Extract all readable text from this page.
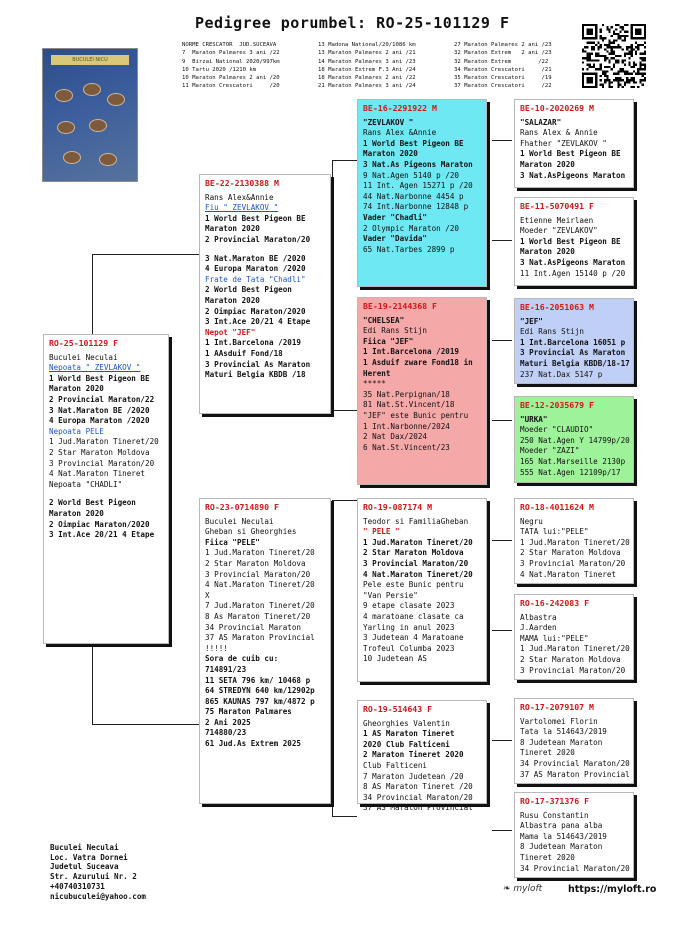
Pedigree porumbel: RO-25-101129 F
NORME CRESCATOR  JUD.SUCEAVA
7  Maraton Palmares 3 ani /22
9  Birzai National 2020/997km
10 Tartu 2020 /1210 km
10 Maraton Palmares 2 ani /20
11 Maraton Crescatori     /20
13 Madona National/20/1086 km
13 Maraton Palmares 2 ani /21
14 Maraton Palmares 3 ani /23
18 Maraton Extrem F.3 Ani /24
18 Maraton Palmares 2 ani /22
21 Maraton Palmares 3 ani /24
27 Maraton Palmares 2 ani /23
32 Maraton Extrem   2 ani /23
32 Maraton Extrem        /22
34 Maraton Crescatori     /21
35 Maraton Crescatori     /19
37 Maraton Crescatori     /22
BUCULEI NICU
RO-25-101129 F
Buculei Neculai
Nepoata " ZEVLAKOV "
1 World Best Pigeon BE
Maraton 2020
2 Provincial Maraton/22
3 Nat.Maraton BE /2020
4 Europa Maraton /2020
Nepoata PELE
1 Jud.Maraton Tineret/20
2 Star Maraton Moldova
3 Provincial Maraton/20
4 Nat.Maraton Tineret
Nepoata "CHADLI"
2 World Best Pigeon
Maraton 2020
2 Oimpiac Maraton/2020
3 Int.Ace 20/21 4 Etape
BE-22-2130388 M
Rans Alex&Annie
Fiu " ZEVLAKOV "
1 World Best Pigeon BE
Maraton 2020
2 Provincial Maraton/20
3 Nat.Maraton BE /2020
4 Europa Maraton /2020
Frate de Tata "Chadli"
2 World Best Pigeon
Maraton 2020
2 Oimpiac Maraton/2020
3 Int.Ace 20/21 4 Etape
Nepot "JEF"
1 Int.Barcelona /2019
1 AAsduif Fond/18
3 Provincial As Maraton
Maturi Belgia KBDB /18
RO-23-0714890 F
Buculei Neculai
Gheban si Gheorghies
Fiica "PELE"
1 Jud.Maraton Tineret/20
2 Star Maraton Moldova
3 Provincial Maraton/20
4 Nat.Maraton Tineret/20
X
7 Jud.Maraton Tineret/20
8 As Maraton Tineret/20
34 Provincial Maraton
37 AS Maraton Provincial
!!!!!
Sora de cuib cu:
714891/23
11 SETA 796 km/ 10468 p
64 STREDYN 640 km/12902p
865 KAUNAS 797 km/4872 p
75 Maraton Palmares
2 Ani 2025
714880/23
61 Jud.As Extrem 2025
BE-16-2291922 M
"ZEVLAKOV "
Rans Alex &Annie
1 World Best Pigeon BE
Maraton 2020
3 Nat.As Pigeons Maraton
9 Nat.Agen 5140 p /20
11 Int. Agen 15271 p /20
44 Nat.Narbonne 4454 p
74 Int.Narbonne 12848 p
Vader "Chadli"
2 Olympic Maraton /20
Vader "Davida"
65 Nat.Tarbes 2899 p
BE-19-2144368 F
"CHELSEA"
Edi Rans Stijn
Fiica "JEF"
1 Int.Barcelona /2019
1 Asduif zware Fond18 in
Herent
*****
35 Nat.Perpignan/18
81 Nat.St.Vincent/18
"JEF" este Bunic pentru
1 Int.Narbonne/2024
2 Nat Dax/2024
6 Nat.St.Vincent/23
RO-19-087174 M
Teodor si FamiliaGheban
" PELE "
1 Jud.Maraton Tineret/20
2 Star Maraton Moldova
3 Provincial Maraton/20
4 Nat.Maraton Tineret/20
Pele este Bunic pentru
"Van Persie"
9 etape clasate 2023
4 maratoane clasate ca
Yarling in anul 2023
3 Judetean 4 Maratoane
Trofeul Columba 2023
10 Judetean AS
RO-19-514643 F
Gheorghies Valentin
1 AS Maraton Tineret
2020 Club Falticeni
2 Maraton Tineret 2020
Club Falticeni
7 Maraton Judetean /20
8 AS Maraton Tineret /20
34 Provincial Maraton/20
37 AS Maraton Provincial
BE-10-2020269 M
"SALAZAR"
Rans Alex & Annie
Fhather "ZEVLAKOV "
1 World Best Pigeon BE
Maraton 2020
3 Nat.AsPigeons Maraton
BE-11-5070491 F
Etienne Meirlaen
Moeder "ZEVLAKOV"
1 World Best Pigeon BE
Maraton 2020
3 Nat.AsPigeons Maraton
11 Int.Agen 15140 p /20
BE-16-2051063 M
"JEF"
Edi Rans Stijn
1 Int.Barcelona 16051 p
3 Provincial As Maraton
Maturi Belgia KBDB/18-17
237 Nat.Dax 5147 p
BE-12-2035679 F
"URKA"
Moeder "CLAUDIO"
250 Nat.Agen Y 14799p/20
Moeder "ZAZI"
165 Nat.Marseille 2130p
555 Nat.Agen 12109p/17
RO-18-4011624 M
Negru
TATA lui:"PELE"
1 Jud.Maraton Tineret/20
2 Star Maraton Moldova
3 Provincial Maraton/20
4 Nat.Maraton Tineret
RO-16-242083 F
Albastra
J.Aarden
MAMA lui:"PELE"
1 Jud.Maraton Tineret/20
2 Star Maraton Moldova
3 Provincial Maraton/20
RO-17-2079107 M
Vartolomei Florin
Tata la 514643/2019
8 Judetean Maraton
Tineret 2020
34 Provincial Maraton/20
37 AS Maraton Provincial
RO-17-371376 F
Rusu Constantin
Albastra pana alba
Mama la 514643/2019
8 Judetean Maraton
Tineret 2020
34 Provincial Maraton/20
Buculei Neculai
Loc. Vatra Dornei
Judetul Suceava
Str. Azurului Nr. 2
+40740310731
nicubuculei@yahoo.com
❧ myloft	https://myloft.ro
